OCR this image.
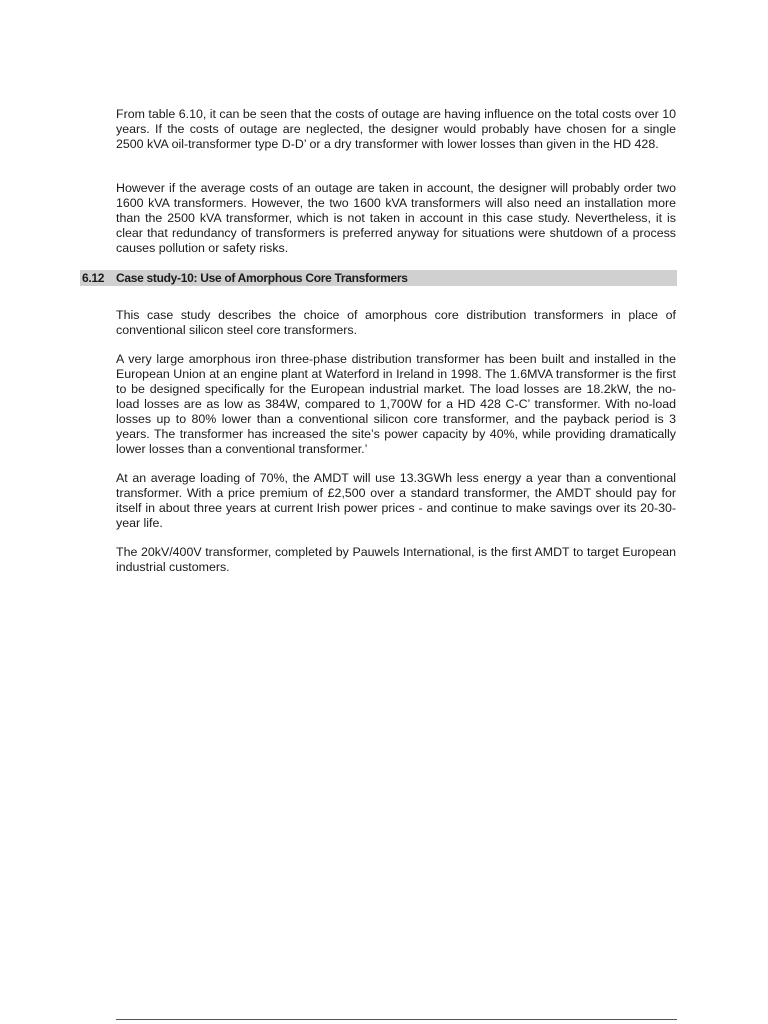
From table 6.10, it can be seen that the costs of outage are having influence on the total costs over 10 years. If the costs of outage are neglected, the designer would probably have chosen for a single 2500 kVA oil-transformer type D-D’ or a dry transformer with lower losses than given in the HD 428.

However if the average costs of an outage are taken in account, the designer will probably order two 1600 kVA transformers. However, the two 1600 kVA transformers will also need an installation more than the 2500 kVA transformer, which is not taken in account in this case study. Nevertheless, it is clear that redundancy of transformers is preferred anyway for situations were shutdown of a process causes pollution or safety risks.

6.12 Case study-10: Use of Amorphous Core Transformers

This case study describes the choice of amorphous core distribution transformers in place of conventional silicon steel core transformers.

A very large amorphous iron three-phase distribution transformer has been built and installed in the European Union at an engine plant at Waterford in Ireland in 1998. The 1.6MVA transformer is the first to be designed specifically for the European industrial market. The load losses are 18.2kW, the no-load losses are as low as 384W, compared to 1,700W for a HD 428 C-C’ transformer. With no-load losses up to 80% lower than a conventional silicon core transformer, and the payback period is 3 years. The transformer has increased the site’s power capacity by 40%, while providing dramatically lower losses than a conventional transformer.’

At an average loading of 70%, the AMDT will use 13.3GWh less energy a year than a conventional transformer. With a price premium of £2,500 over a standard transformer, the AMDT should pay for itself in about three years at current Irish power prices - and continue to make savings over its 20-30-year life.

The 20kV/400V transformer, completed by Pauwels International, is the first AMDT to target European industrial customers.
